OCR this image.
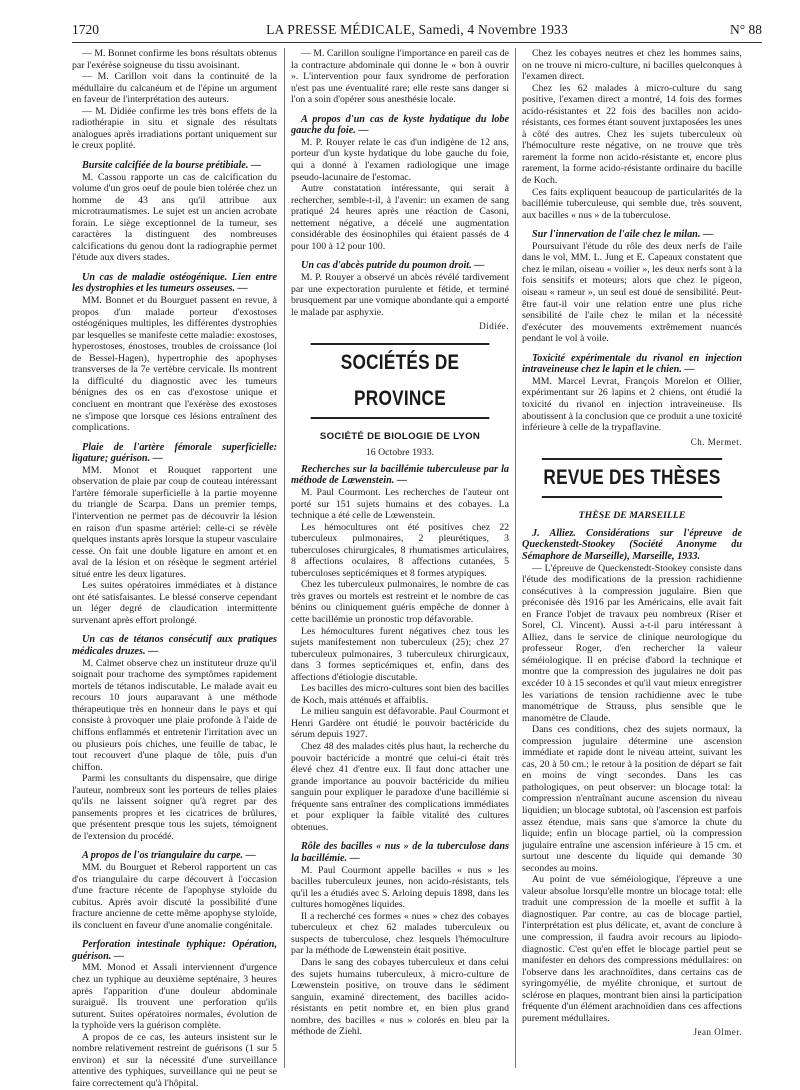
1720	LA PRESSE MÉDICALE, Samedi, 4 Novembre 1933	N° 88

— M. Bonnet confirme les bons résultats obtenus par l'exérèse soigneuse du tissu avoisinant.

— M. Carillon voit dans la continuité de la médullaire du calcanéum et de l'épine un argument en faveur de l'interprétation des auteurs.

— M. Didiée confirme les très bons effets de la radiothérapie in situ et signale des résultats analogues après irradiations portant uniquement sur le creux poplité.

Bursite calcifiée de la bourse prétibiale. —

M. Cassou rapporte un cas de calcification du volume d'un gros oeuf de poule bien tolérée chez un homme de 43 ans qu'il attribue aux microtraumatismes. Le sujet est un ancien acrobate forain. Le siège exceptionnel de la tumeur, ses caractères la distinguent des nombreuses calcifications du genou dont la radiographie permet l'étude aux divers stades.

Un cas de maladie ostéogénique. Lien entre les dystrophies et les tumeurs osseuses. —

MM. Bonnet et du Bourguet passent en revue, à propos d'un malade porteur d'exostoses ostéogéniques multiples, les différentes dystrophies par lesquelles se manifeste cette maladie: exostoses, hyperostoses, énostoses, troubles de croissance (loi de Bessel-Hagen), hypertrophie des apophyses transverses de la 7e vertèbre cervicale. Ils montrent la difficulté du diagnostic avec les tumeurs bénignes des os en cas d'exostose unique et concluent en montrant que l'exérèse des exostoses ne s'impose que lorsque ces lésions entraînent des complications.

Plaie de l'artère fémorale superficielle: ligature; guérison. —

MM. Monot et Rouquet rapportent une observation de plaie par coup de couteau intéressant l'artère fémorale superficielle à la partie moyenne du triangle de Scarpa. Dans un premier temps, l'intervention ne permet pas de découvrir la lésion en raison d'un spasme artériel: celle-ci se révèle quelques instants après lorsque la stupeur vasculaire cesse. On fait une double ligature en amont et en aval de la lésion et on résèque le segment artériel situé entre les deux ligatures.

Les suites opératoires immédiates et à distance ont été satisfaisantes. Le blessé conserve cependant un léger degré de claudication intermittente survenant après effort prolongé.

Un cas de tétanos consécutif aux pratiques médicales druzes. —

M. Calmet observe chez un instituteur druze qu'il soignait pour trachome des symptômes rapidement mortels de tétanos indiscutable. Le malade avait eu recours 10 jours auparavant à une méthode thérapeutique très en honneur dans le pays et qui consiste à provoquer une plaie profonde à l'aide de chiffons enflammés et entretenir l'irritation avec un ou plusieurs pois chiches, une feuille de tabac, le tout recouvert d'une plaque de tôle, puis d'un chiffon.

Parmi les consultants du dispensaire, que dirige l'auteur, nombreux sont les porteurs de telles plaies qu'ils ne laissent soigner qu'à regret par des pansements propres et les cicatrices de brûlures, que présentent presque tous les sujets, témoignent de l'extension du procédé.

A propos de l'os triangulaire du carpe. —

MM. du Bourguet et Reberol rapportent un cas d'os triangulaire du carpe découvert à l'occasion d'une fracture récente de l'apophyse styloïde du cubitus. Après avoir discuté la possibilité d'une fracture ancienne de cette même apophyse styloïde, ils concluent en faveur d'une anomalie congénitale.

Perforation intestinale typhique: Opération, guérison. —

MM. Monod et Assali interviennent d'urgence chez un typhique au deuxième septénaire, 3 heures après l'apparition d'une douleur abdominale suraiguë. Ils trouvent une perforation qu'ils suturent. Suites opératoires normales, évolution de la typhoïde vers la guérison complète.

A propos de ce cas, les auteurs insistent sur le nombre relativement restreint de guérisons (1 sur 5 environ) et sur la nécessité d'une surveillance attentive des typhiques, surveillance qui ne peut se faire correctement qu'à l'hôpital.

— M. Carillon souligne l'importance en pareil cas de la contracture abdominale qui donne le « bon à ouvrir ». L'intervention pour faux syndrome de perforation n'est pas une éventualité rare; elle reste sans danger si l'on a soin d'opérer sous anesthésie locale.

A propos d'un cas de kyste hydatique du lobe gauche du foie. —

M. P. Rouyer relate le cas d'un indigène de 12 ans, porteur d'un kyste hydatique du lobe gauche du foie, qui a donné à l'examen radiologique une image pseudo-lacunaire de l'estomac.

Autre constatation intéressante, qui serait à rechercher, semble-t-il, à l'avenir: un examen de sang pratiqué 24 heures après une réaction de Casoni, nettement négative, a décelé une augmentation considérable des éosinophiles qui étaient passés de 4 pour 100 à 12 pour 100.

Un cas d'abcès putride du poumon droit. —

M. P. Rouyer a observé un abcès révélé tardivement par une expectoration purulente et fétide, et terminé brusquement par une vomique abondante qui a emporté le malade par asphyxie.

Didiée.
SOCIÉTÉS DE PROVINCE
SOCIÉTÉ DE BIOLOGIE DE LYON
16 Octobre 1933.

Recherches sur la bacillémie tuberculeuse par la méthode de Lœwenstein. —

M. Paul Courmont. Les recherches de l'auteur ont porté sur 151 sujets humains et des cobayes. La technique a été celle de Lœwenstein.

Les hémocultures ont été positives chez 22 tuberculeux pulmonaires, 2 pleurétiques, 3 tuberculoses chirurgicales, 8 rhumatismes articulaires, 8 affections oculaires, 8 affections cutanées, 5 tuberculoses septicémiques et 8 formes atypiques.

Chez les tuberculeux pulmonaires, le nombre de cas très graves ou mortels est restreint et le nombre de cas bénins ou cliniquement guéris empêche de donner à cette bacillémie un pronostic trop défavorable.

Les hémocultures furent négatives chez tous les sujets manifestement non tuberculeux (25); chez 27 tuberculeux pulmonaires, 3 tuberculeux chirurgicaux, dans 3 formes septicémiques et, enfin, dans des affections d'étiologie discutable.

Les bacilles des micro-cultures sont bien des bacilles de Koch, mais atténués et affaiblis.

Le milieu sanguin est défavorable. Paul Courmont et Henri Gardère ont étudié le pouvoir bactéricide du sérum depuis 1927.

Chez 48 des malades cités plus haut, la recherche du pouvoir bactéricide a montré que celui-ci était très élevé chez 41 d'entre eux. Il faut donc attacher une grande importance au pouvoir bactéricide du milieu sanguin pour expliquer le paradoxe d'une bacillémie si fréquente sans entraîner des complications immédiates et pour expliquer la faible vitalité des cultures obtenues.

Rôle des bacilles « nus » de la tuberculose dans la bacillémie. —

M. Paul Courmont appelle bacilles « nus » les bacilles tuberculeux jeunes, non acido-résistants, tels qu'il les a étudiés avec S. Arloing depuis 1898, dans les cultures homogènes liquides.

Il a recherché ces formes « nues » chez des cobayes tuberculeux et chez 62 malades tuberculeux ou suspects de tuberculose, chez lesquels l'hémoculture par la méthode de Lœwenstein était positive.

Dans le sang des cobayes tuberculeux et dans celui des sujets humains tuberculeux, à micro-culture de Lœwenstein positive, on trouve dans le sédiment sanguin, examiné directement, des bacilles acido-résistants en petit nombre et, en bien plus grand nombre, des bacilles « nus » colorés en bleu par la méthode de Ziehl.

Chez les cobayes neutres et chez les hommes sains, on ne trouve ni micro-culture, ni bacilles quelconques à l'examen direct.

Chez les 62 malades à micro-culture du sang positive, l'examen direct a montré, 14 fois des formes acido-résistantes et 22 fois des bacilles non acido-résistants, ces formes étant souvent juxtaposées les unes à côté des autres. Chez les sujets tuberculeux où l'hémoculture reste négative, on ne trouve que très rarement la forme non acido-résistante et, encore plus rarement, la forme acido-résistante ordinaire du bacille de Koch.

Ces faits expliquent beaucoup de particularités de la bacillémie tuberculeuse, qui semble due, très souvent, aux bacilles « nus » de la tuberculose.

Sur l'innervation de l'aile chez le milan. —

Poursuivant l'étude du rôle des deux nerfs de l'aile dans le vol, MM. L. Jung et E. Capeaux constatent que chez le milan, oiseau « voilier », les deux nerfs sont à la fois sensitifs et moteurs; alors que chez le pigeon, oiseau « rameur », un seul est doué de sensibilité. Peut-être faut-il voir une relation entre une plus riche sensibilité de l'aile chez le milan et la nécessité d'exécuter des mouvements extrêmement nuancés pendant le vol à voile.

Toxicité expérimentale du rivanol en injection intraveineuse chez le lapin et le chien. —

MM. Marcel Levrat, François Morelon et Ollier, expérimentant sur 26 lapins et 2 chiens, ont étudié la toxicité du rivanol en injection intraveineuse. Ils aboutissent à la conclusion que ce produit a une toxicité inférieure à celle de la trypaflavine.

Ch. Mermet.
REVUE DES THÈSES
THÈSE DE MARSEILLE

J. Alliez. Considérations sur l'épreuve de Queckenstedt-Stookey (Société Anonyme du Sémaphore de Marseille), Marseille, 1933.

— L'épreuve de Queckenstedt-Stookey consiste dans l'étude des modifications de la pression rachidienne consécutives à la compression jugulaire. Bien que préconisée dès 1916 par les Américains, elle avait fait en France l'objet de travaux peu nombreux (Riser et Sorel, Cl. Vincent). Aussi a-t-il paru intéressant à Alliez, dans le service de clinique neurologique du professeur Roger, d'en rechercher la valeur séméiologique. Il en précise d'abord la technique et montre que la compression des jugulaires ne doit pas excéder 10 à 15 secondes et qu'il vaut mieux enregistrer les variations de tension rachidienne avec le tube manométrique de Strauss, plus sensible que le manomètre de Claude.

Dans ces conditions, chez des sujets normaux, la compression jugulaire détermine une ascension immédiate et rapide dont le niveau atteint, suivant les cas, 20 à 50 cm.; le retour à la position de départ se fait en moins de vingt secondes. Dans les cas pathologiques, on peut observer: un blocage total: la compression n'entraînant aucune ascension du niveau liquidien; un blocage subtotal, où l'ascension est parfois assez étendue, mais sans que s'amorce la chute du liquide; enfin un blocage partiel, où la compression jugulaire entraîne une ascension inférieure à 15 cm. et surtout une descente du liquide qui demande 30 secondes au moins.

Au point de vue séméiologique, l'épreuve a une valeur absolue lorsqu'elle montre un blocage total: elle traduit une compression de la moelle et suffit à la diagnostiquer. Par contre, au cas de blocage partiel, l'interprétation est plus délicate, et, avant de conclure à une compression, il faudra avoir recours au lipiodo-diagnostic. C'est qu'en effet le blocage partiel peut se manifester en dehors des compressions médullaires: on l'observe dans les arachnoïdites, dans certains cas de syringomyélie, de myélite chronique, et surtout de sclérose en plaques, montrant bien ainsi la participation fréquente d'un élément arachnoïdien dans ces affections purement médullaires.

Jean Olmer.
